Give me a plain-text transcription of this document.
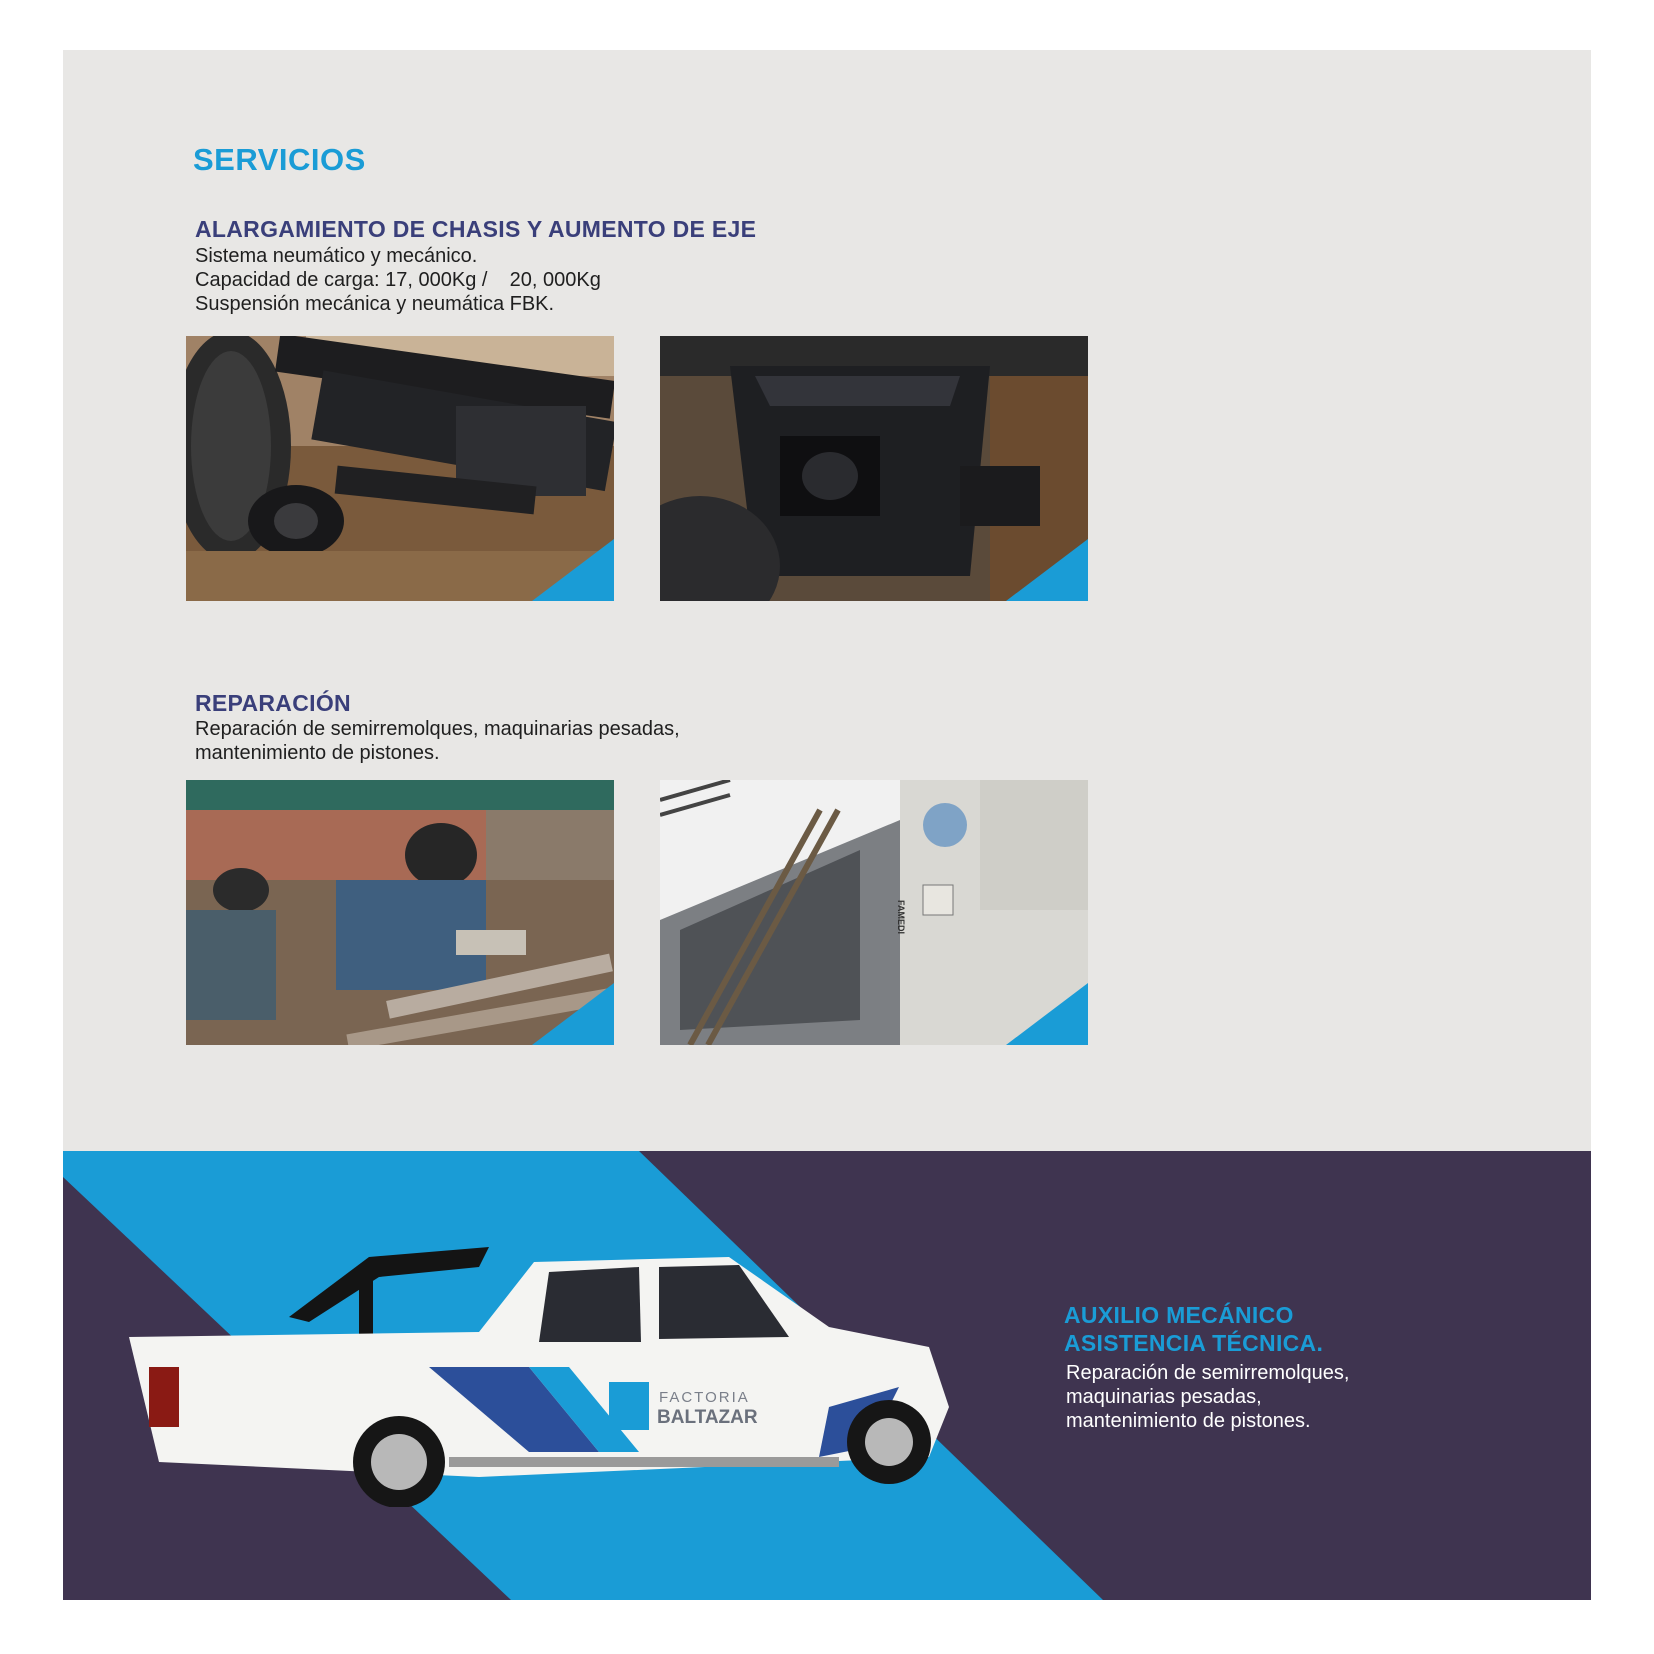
SERVICIOS
ALARGAMIENTO DE CHASIS Y AUMENTO DE EJE
Sistema neumático y mecánico.
Capacidad de carga: 17, 000Kg /    20, 000Kg
Suspensión mecánica y neumática FBK.
REPARACIÓN
Reparación de semirremolques, maquinarias pesadas,
mantenimiento de pistones.
FAMEDI
FACTORIA
BALTAZAR
AUXILIO MECÁNICO
ASISTENCIA TÉCNICA.
Reparación de semirremolques,
maquinarias pesadas,
mantenimiento de pistones.
